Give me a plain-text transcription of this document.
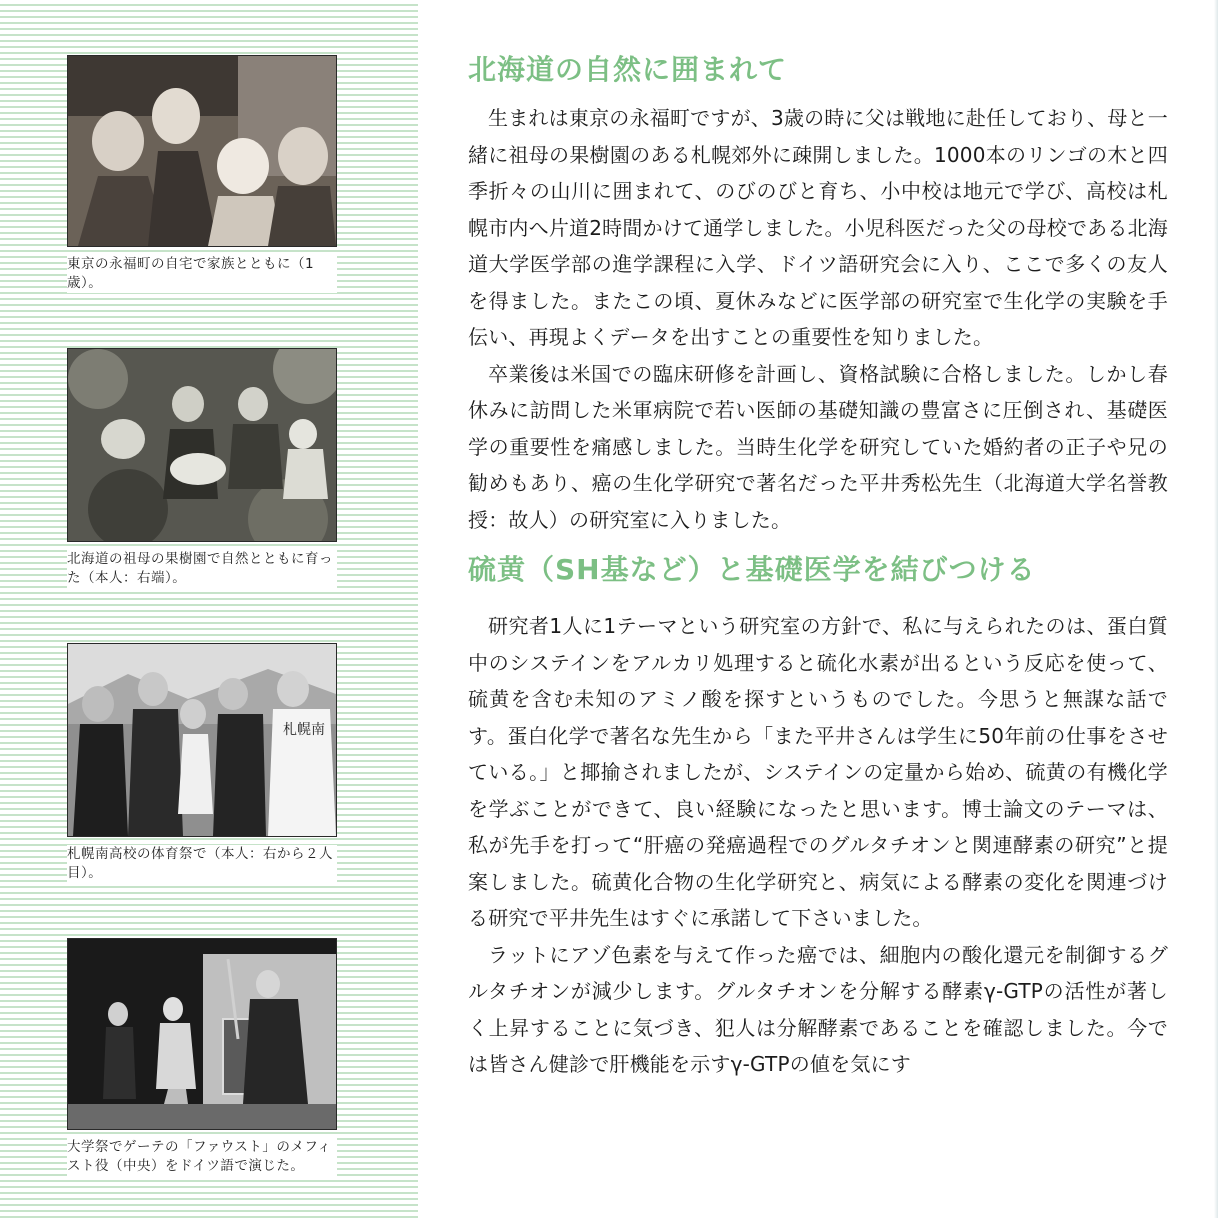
東京の永福町の自宅で家族とともに（1歳）。
北海道の祖母の果樹園で自然とともに育った（本人：右端）。
札幌南
札幌南高校の体育祭で（本人：右から２人目）。
大学祭でゲーテの「ファウスト」のメフィスト役（中央）をドイツ語で演じた。
北海道の自然に囲まれて

生まれは東京の永福町ですが、3歳の時に父は戦地に赴任しており、母と一緒に祖母の果樹園のある札幌郊外に疎開しました。1000本のリンゴの木と四季折々の山川に囲まれて、のびのびと育ち、小中校は地元で学び、高校は札幌市内へ片道2時間かけて通学しました。小児科医だった父の母校である北海道大学医学部の進学課程に入学、ドイツ語研究会に入り、ここで多くの友人を得ました。またこの頃、夏休みなどに医学部の研究室で生化学の実験を手伝い、再現よくデータを出すことの重要性を知りました。

卒業後は米国での臨床研修を計画し、資格試験に合格しました。しかし春休みに訪問した米軍病院で若い医師の基礎知識の豊富さに圧倒され、基礎医学の重要性を痛感しました。当時生化学を研究していた婚約者の正子や兄の勧めもあり、癌の生化学研究で著名だった平井秀松先生（北海道大学名誉教授：故人）の研究室に入りました。

硫黄（SH基など）と基礎医学を結びつける

研究者1人に1テーマという研究室の方針で、私に与えられたのは、蛋白質中のシステインをアルカリ処理すると硫化水素が出るという反応を使って、硫黄を含む未知のアミノ酸を探すというものでした。今思うと無謀な話です。蛋白化学で著名な先生から「また平井さんは学生に50年前の仕事をさせている。」と揶揄されましたが、システインの定量から始め、硫黄の有機化学を学ぶことができて、良い経験になったと思います。博士論文のテーマは、私が先手を打って“肝癌の発癌過程でのグルタチオンと関連酵素の研究”と提案しました。硫黄化合物の生化学研究と、病気による酵素の変化を関連づける研究で平井先生はすぐに承諾して下さいました。

ラットにアゾ色素を与えて作った癌では、細胞内の酸化還元を制御するグルタチオンが減少します。グルタチオンを分解する酵素γ-GTPの活性が著しく上昇することに気づき、犯人は分解酵素であることを確認しました。今では皆さん健診で肝機能を示すγ-GTPの値を気にす
